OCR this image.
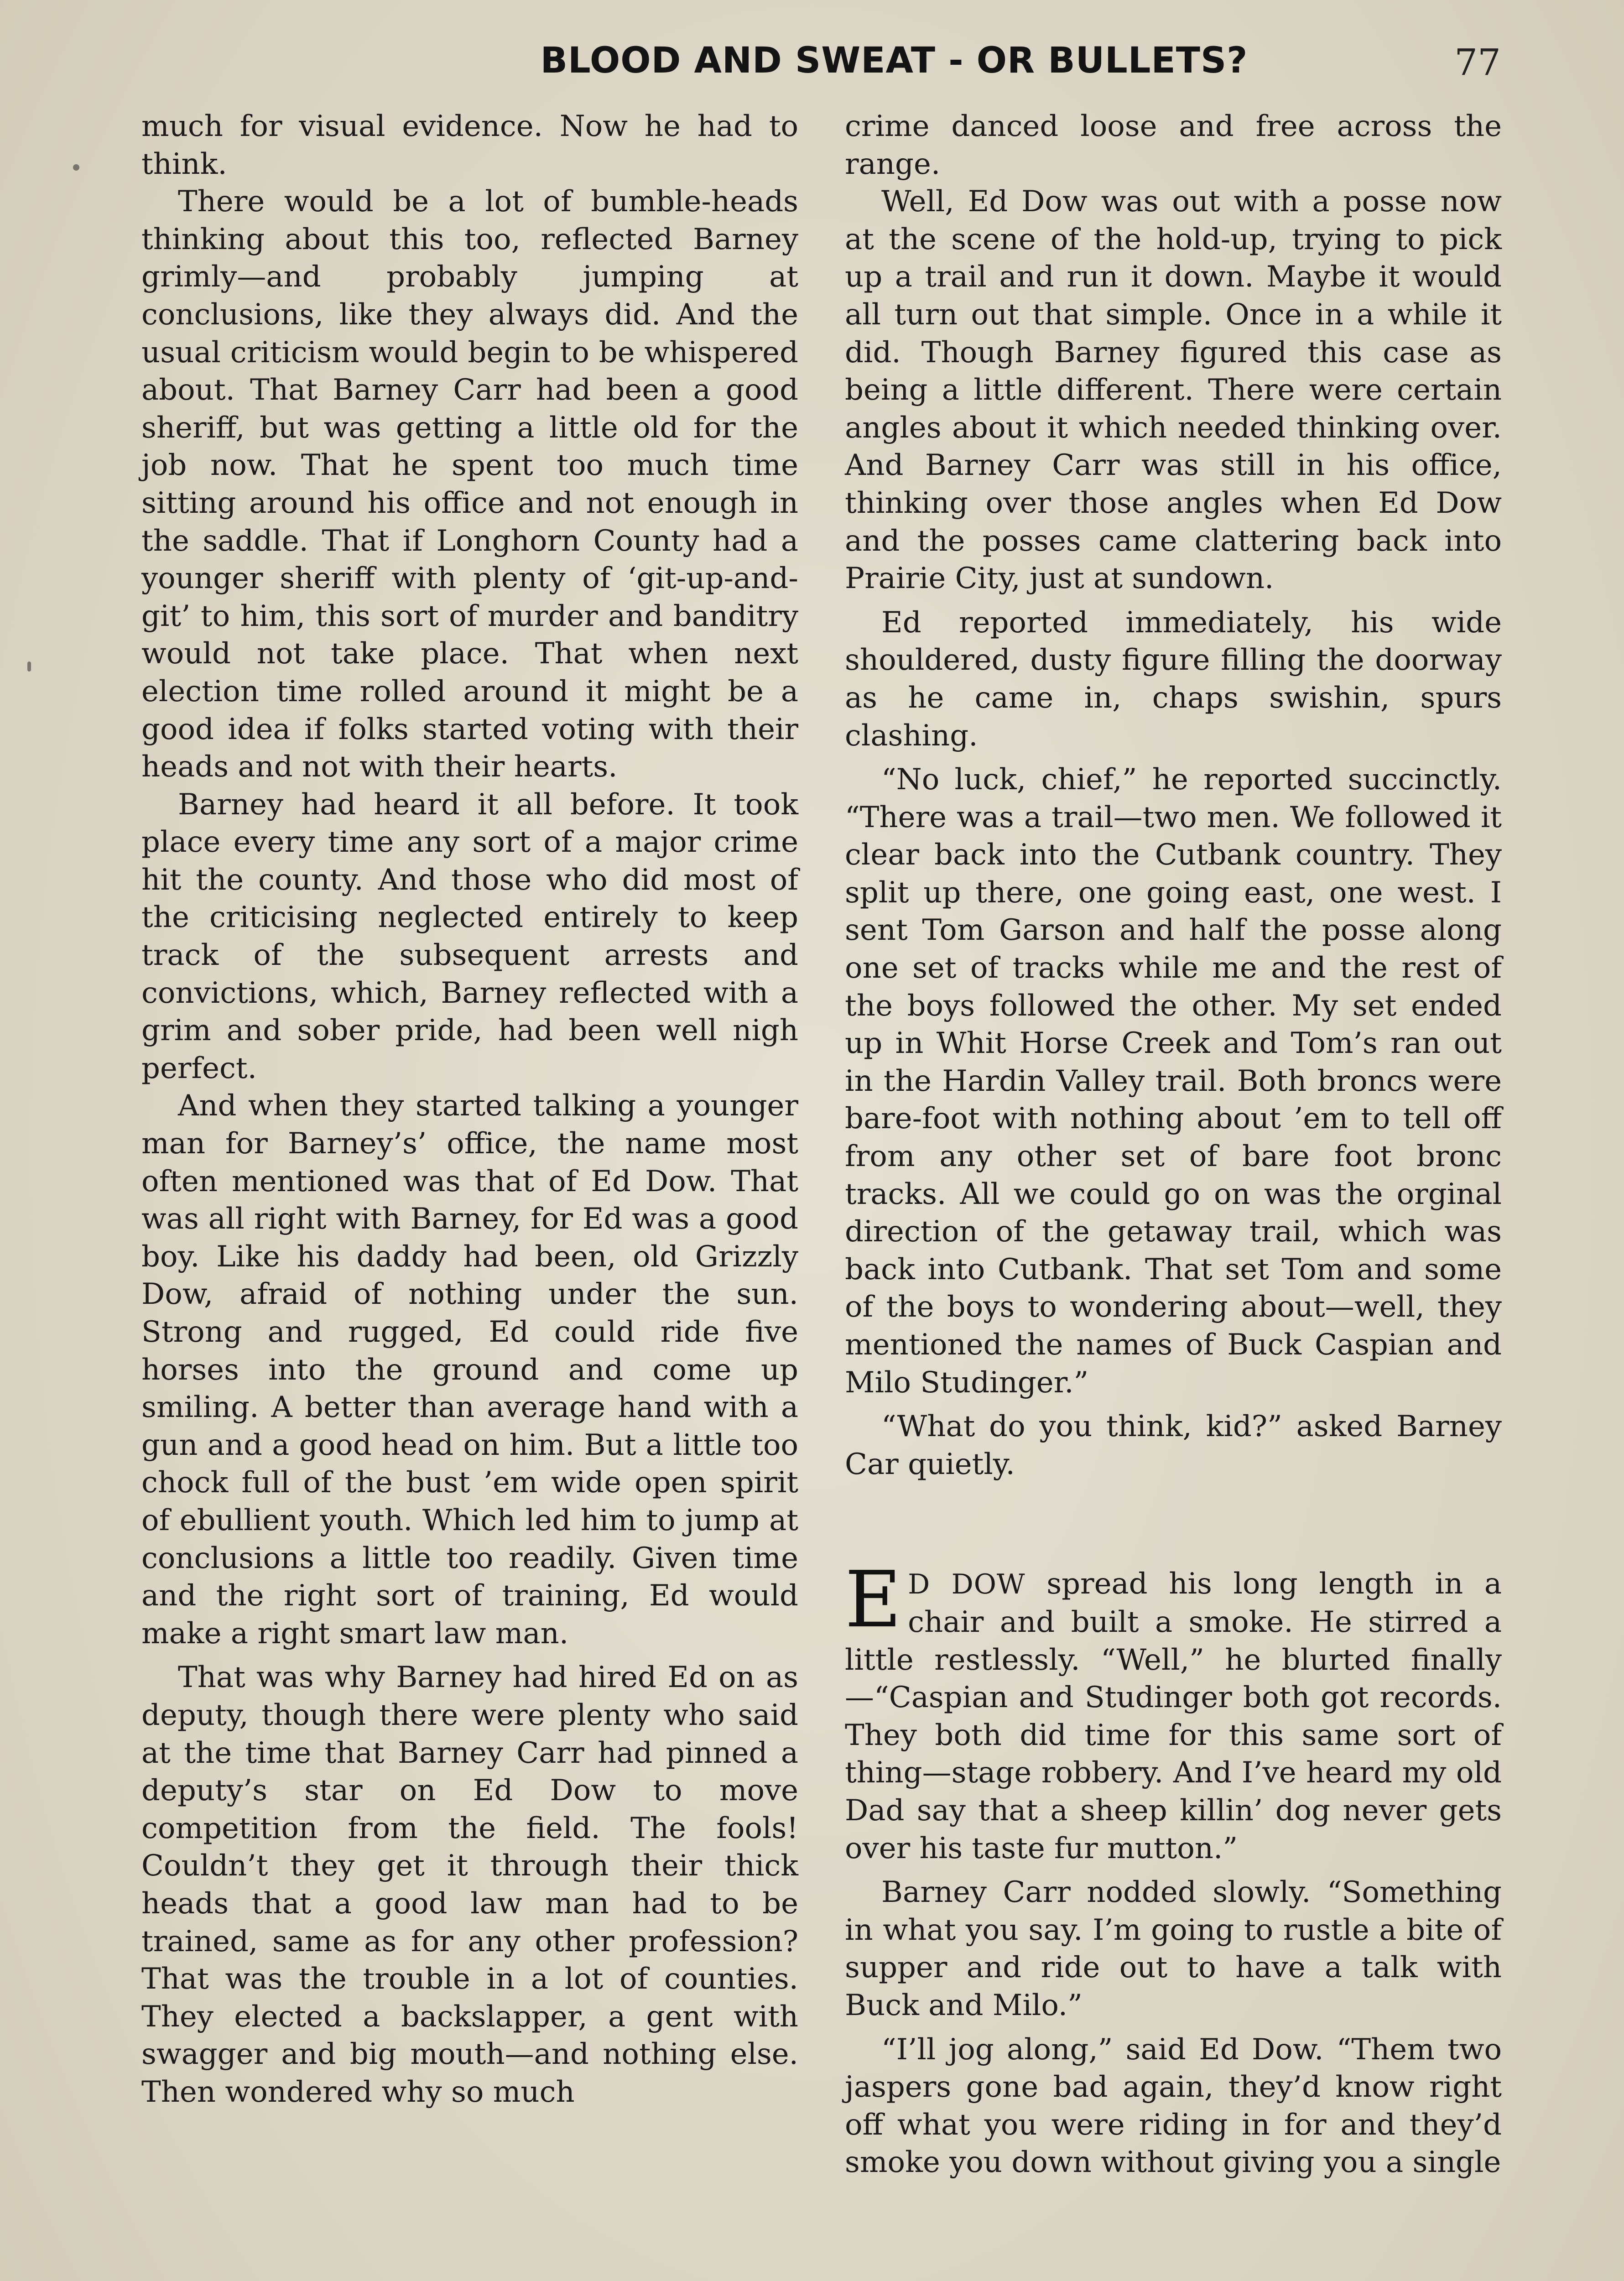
BLOOD AND SWEAT - OR BULLETS?	77

much for visual evidence. Now he had to think.

There would be a lot of bumble-heads thinking about this too, reflected Barney grimly—and probably jumping at conclusions, like they always did. And the usual criticism would begin to be whispered about. That Barney Carr had been a good sheriff, but was getting a little old for the job now. That he spent too much time sitting around his office and not enough in the saddle. That if Longhorn County had a younger sheriff with plenty of ‘git-up-and-git’ to him, this sort of murder and banditry would not take place. That when next election time rolled around it might be a good idea if folks started voting with their heads and not with their hearts.

Barney had heard it all before. It took place every time any sort of a major crime hit the county. And those who did most of the criticising neglected entirely to keep track of the subsequent arrests and convictions, which, Barney reflected with a grim and sober pride, had been well nigh perfect.

And when they started talking a younger man for Barney’s’ office, the name most often mentioned was that of Ed Dow. That was all right with Barney, for Ed was a good boy. Like his daddy had been, old Grizzly Dow, afraid of nothing under the sun. Strong and rugged, Ed could ride five horses into the ground and come up smiling. A better than average hand with a gun and a good head on him. But a little too chock full of the bust ’em wide open spirit of ebullient youth. Which led him to jump at conclusions a little too readily. Given time and the right sort of training, Ed would make a right smart law man.

That was why Barney had hired Ed on as deputy, though there were plenty who said at the time that Barney Carr had pinned a deputy’s star on Ed Dow to move competition from the field. The fools! Couldn’t they get it through their thick heads that a good law man had to be trained, same as for any other profession? That was the trouble in a lot of counties. They elected a backslapper, a gent with swagger and big mouth—and nothing else. Then wondered why so much

crime danced loose and free across the range.

Well, Ed Dow was out with a posse now at the scene of the hold-up, trying to pick up a trail and run it down. Maybe it would all turn out that simple. Once in a while it did. Though Barney figured this case as being a little different. There were certain angles about it which needed thinking over. And Barney Carr was still in his office, thinking over those angles when Ed Dow and the posses came clattering back into Prairie City, just at sundown.

Ed reported immediately, his wide shouldered, dusty figure filling the doorway as he came in, chaps swishin, spurs clashing.

“No luck, chief,” he reported succinctly. “There was a trail—two men. We followed it clear back into the Cutbank country. They split up there, one going east, one west. I sent Tom Garson and half the posse along one set of tracks while me and the rest of the boys followed the other. My set ended up in Whit Horse Creek and Tom’s ran out in the Hardin Valley trail. Both broncs were bare-foot with nothing about ’em to tell off from any other set of bare foot bronc tracks. All we could go on was the orginal direction of the getaway trail, which was back into Cutbank. That set Tom and some of the boys to wondering about—well, they mentioned the names of Buck Caspian and Milo Studinger.”

“What do you think, kid?” asked Barney Car quietly.

E D DOW spread his long length in a chair and built a smoke. He stirred a little restlessly. “Well,” he blurted finally—“Caspian and Studinger both got records. They both did time for this same sort of thing—stage robbery. And I’ve heard my old Dad say that a sheep killin’ dog never gets over his taste fur mutton.”

Barney Carr nodded slowly. “Something in what you say. I’m going to rustle a bite of supper and ride out to have a talk with Buck and Milo.”

“I’ll jog along,” said Ed Dow. “Them two jaspers gone bad again, they’d know right off what you were riding in for and they’d smoke you down without giving you a single
